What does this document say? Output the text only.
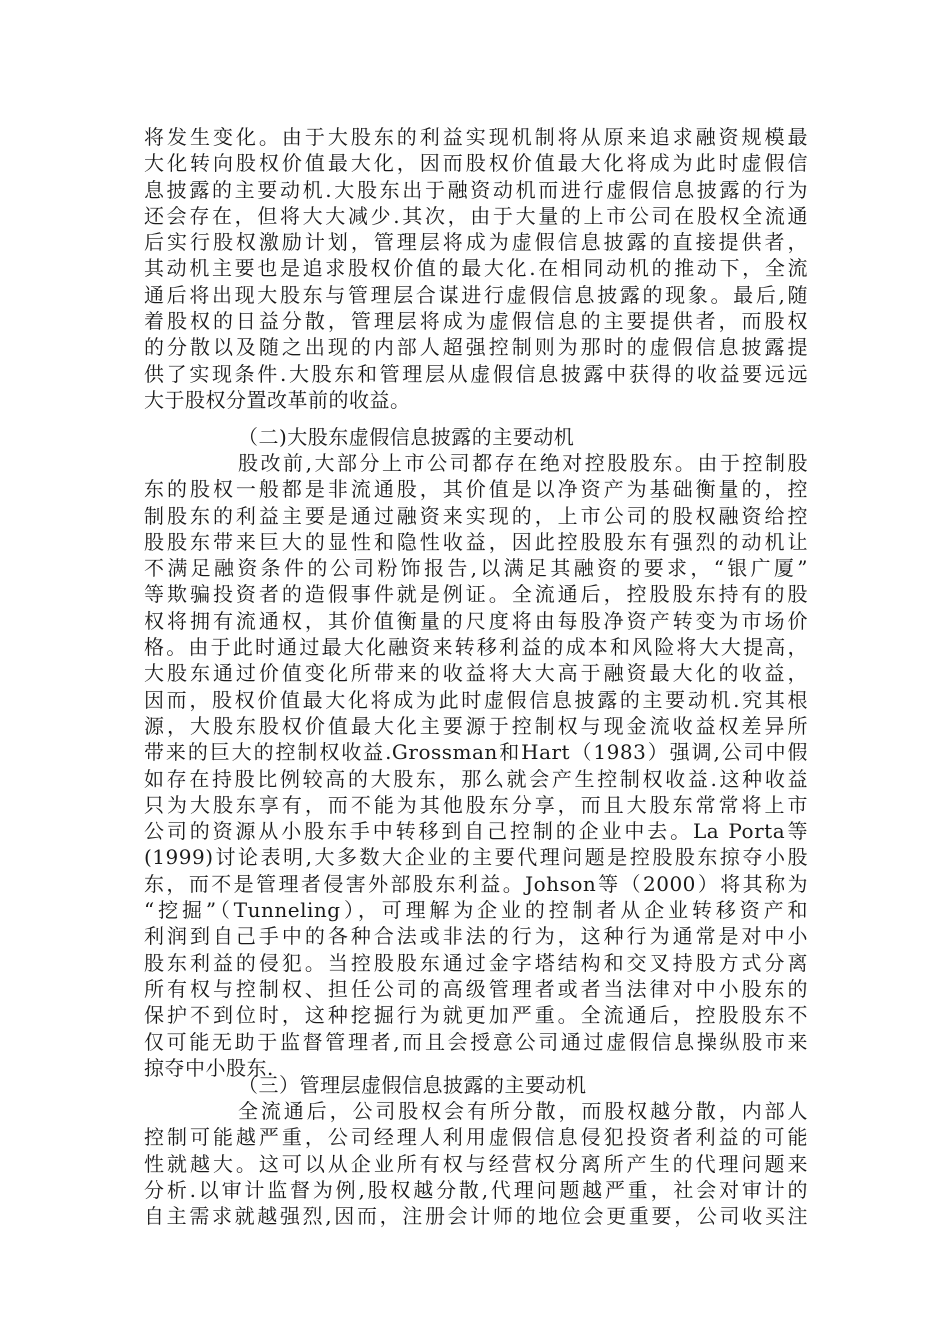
将发生变化。由于大股东的利益实现机制将从原来追求融资规模最
大化转向股权价值最大化，因而股权价值最大化将成为此时虚假信
息披露的主要动机.大股东出于融资动机而进行虚假信息披露的行为
还会存在，但将大大减少.其次，由于大量的上市公司在股权全流通
后实行股权激励计划，管理层将成为虚假信息披露的直接提供者，
其动机主要也是追求股权价值的最大化.在相同动机的推动下，全流
通后将出现大股东与管理层合谋进行虚假信息披露的现象。最后,随
着股权的日益分散，管理层将成为虚假信息的主要提供者，而股权
的分散以及随之出现的内部人超强控制则为那时的虚假信息披露提
供了实现条件.大股东和管理层从虚假信息披露中获得的收益要远远
大于股权分置改革前的收益。
（二)大股东虚假信息披露的主要动机
股改前,大部分上市公司都存在绝对控股股东。由于控制股
东的股权一般都是非流通股，其价值是以净资产为基础衡量的，控
制股东的利益主要是通过融资来实现的，上市公司的股权融资给控
股股东带来巨大的显性和隐性收益，因此控股股东有强烈的动机让
不满足融资条件的公司粉饰报告,以满足其融资的要求，“银广厦”
等欺骗投资者的造假事件就是例证。全流通后，控股股东持有的股
权将拥有流通权，其价值衡量的尺度将由每股净资产转变为市场价
格。由于此时通过最大化融资来转移利益的成本和风险将大大提高，
大股东通过价值变化所带来的收益将大大高于融资最大化的收益，
因而，股权价值最大化将成为此时虚假信息披露的主要动机.究其根
源，大股东股权价值最大化主要源于控制权与现金流收益权差异所
带来的巨大的控制权收益.Grossman和Hart（1983）强调,公司中假
如存在持股比例较高的大股东，那么就会产生控制权收益.这种收益
只为大股东享有，而不能为其他股东分享，而且大股东常常将上市
公司的资源从小股东手中转移到自己控制的企业中去。La Porta等
(1999)讨论表明,大多数大企业的主要代理问题是控股股东掠夺小股
东，而不是管理者侵害外部股东利益。Johson等（2000）将其称为
“挖掘”（Tunneling），可理解为企业的控制者从企业转移资产和
利润到自己手中的各种合法或非法的行为，这种行为通常是对中小
股东利益的侵犯。当控股股东通过金字塔结构和交叉持股方式分离
所有权与控制权、担任公司的高级管理者或者当法律对中小股东的
保护不到位时，这种挖掘行为就更加严重。全流通后，控股股东不
仅可能无助于监督管理者,而且会授意公司通过虚假信息操纵股市来
掠夺中小股东.
（三）管理层虚假信息披露的主要动机
全流通后，公司股权会有所分散，而股权越分散，内部人
控制可能越严重，公司经理人利用虚假信息侵犯投资者利益的可能
性就越大。这可以从企业所有权与经营权分离所产生的代理问题来
分析.以审计监督为例,股权越分散,代理问题越严重，社会对审计的
自主需求就越强烈,因而，注册会计师的地位会更重要，公司收买注
